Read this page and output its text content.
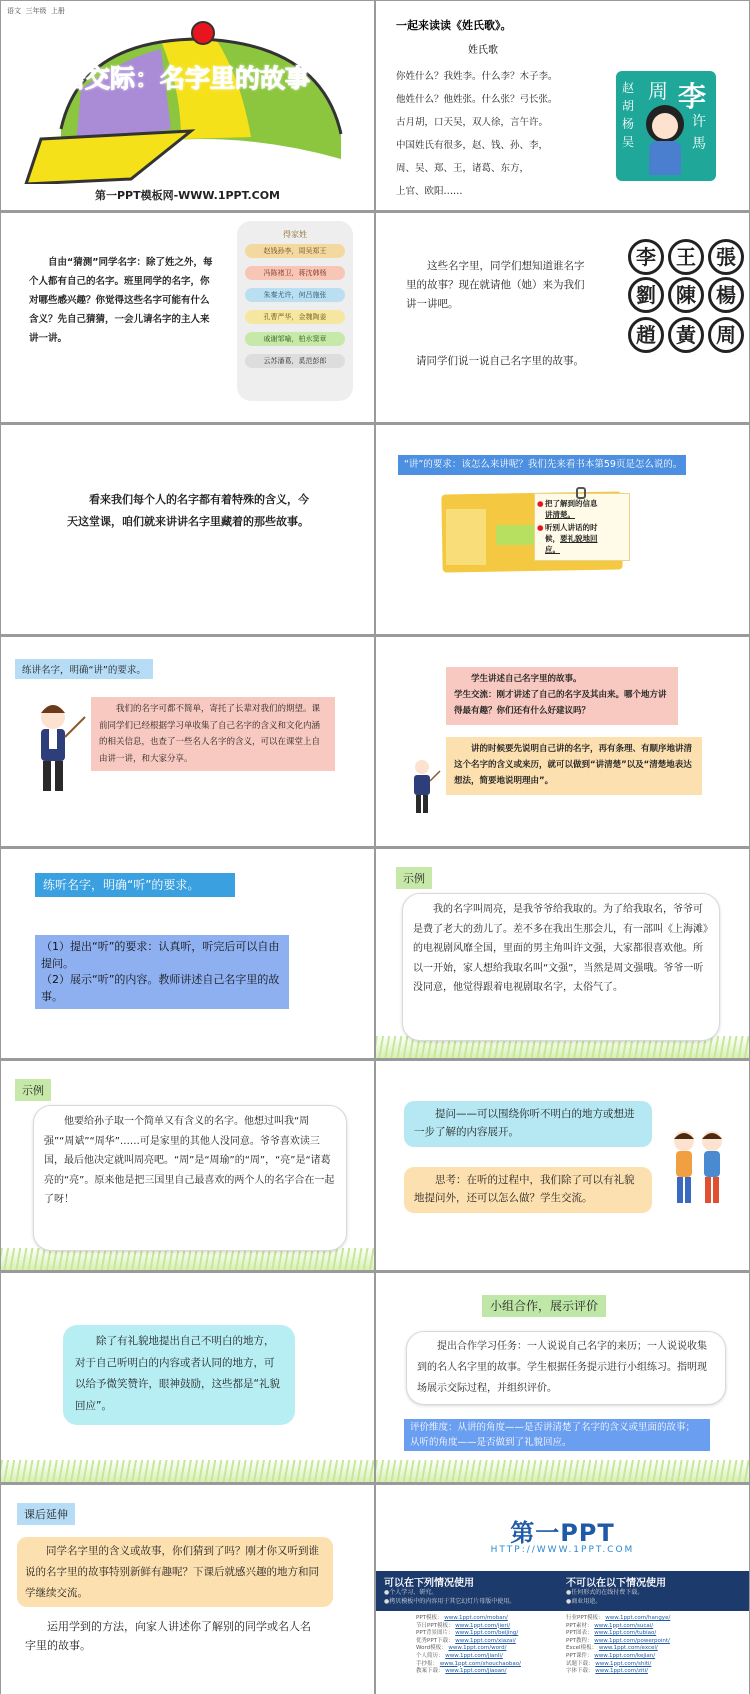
语文 三年级 上册
口语交际：名字里的故事
第一PPT模板网-WWW.1PPT.COM
一起来读读《姓氏歌》。
姓氏歌
你姓什么？我姓李。什么李？木子李。
他姓什么？他姓张。什么张？弓长张。
古月胡，口天吴，双人徐，言午许。
中国姓氏有很多，赵、钱、孙、李，
周、吴、郑、王，诸葛、东方，
上官、欧阳……
赵
胡
杨
吴
周 李
许
馬
自由“猜测”同学名字：除了姓之外，每个人都有自己的名字。班里同学的名字，你对哪些感兴趣？你觉得这些名字可能有什么含义？先自己猜猜，一会儿请名字的主人来讲一讲。
得家姓
赵钱孙李，周吴郑王
冯陈褚卫，蒋沈韩杨
朱秦尤许，何吕施张
孔曹严华，金魏陶姜
戚谢邹喻，柏水窦章
云苏潘葛，奚范彭郎
这些名字里，同学们想知道谁名字里的故事？现在就请他（她）来为我们讲一讲吧。
请同学们说一说自己名字里的故事。
李	王	張
劉	陳	楊
趙	黃	周
看来我们每个人的名字都有着特殊的含义，今天这堂课，咱们就来讲讲名字里藏着的那些故事。
“讲”的要求：该怎么来讲呢？我们先来看书本第59页是怎么说的。
● 把了解到的信息
讲清楚。
● 听别人讲话的时
候，要礼貌地回
应。
练讲名字，明确“讲”的要求。
我们的名字可都不简单，寄托了长辈对我们的期望。课前同学们已经根据学习单收集了自己名字的含义和文化内涵的相关信息，也查了一些名人名字的含义，可以在课堂上自由讲一讲，和大家分享。
学生讲述自己名字里的故事。
学生交流：刚才讲述了自己的名字及其由来。哪个地方讲得最有趣？你们还有什么好建议吗？
讲的时候要先说明自己讲的名字，再有条理、有顺序地讲清这个名字的含义或来历，就可以做到“讲清楚”以及“清楚地表达想法，简要地说明理由”。
练听名字，明确“听”的要求。
（1）提出“听”的要求：认真听，听完后可以自由提问。
（2）展示“听”的内容。教师讲述自己名字里的故事。
示例
我的名字叫周亮，是我爷爷给我取的。为了给我取名，爷爷可是费了老大的劲儿了。差不多在我出生那会儿，有一部叫《上海滩》的电视剧风靡全国，里面的男主角叫许文强，大家都很喜欢他。所以一开始，家人想给我取名叫“文强”，当然是周文强哦。爷爷一听没同意，他觉得跟着电视剧取名字，太俗气了。
示例
他要给孙子取一个简单又有含义的名字。他想过叫我“周强”“周斌”“周华”……可是家里的其他人没同意。爷爷喜欢读三国，最后他决定就叫周亮吧。“周”是“周瑜”的“周”，“亮”是“诸葛亮的“亮”。原来他是把三国里自己最喜欢的两个人的名字合在一起了呀！
提问——可以围绕你听不明白的地方或想进一步了解的内容展开。
思考：在听的过程中，我们除了可以有礼貌地提问外，还可以怎么做？学生交流。
除了有礼貌地提出自己不明白的地方，对于自己听明白的内容或者认同的地方，可以给予微笑赞许，眼神鼓励，这些都是“礼貌回应”。
小组合作，展示评价
提出合作学习任务：一人说说自己名字的来历；一人说说收集到的名人名字里的故事。学生根据任务提示进行小组练习。指明现场展示交际过程，并组织评价。
评价维度：从讲的角度——是否讲清楚了名字的含义或里面的故事；从听的角度——是否做到了礼貌回应。
课后延伸
同学名字里的含义或故事，你们猜到了吗？刚才你又听到谁说的名字里的故事特别新鲜有趣呢？下课后就感兴趣的地方和同学继续交流。
运用学到的方法，向家人讲述你了解别的同学或名人名字里的故事。
第一PPT
HTTP://WWW.1PPT.COM
可以在下列情况使用
●个人学习、研究。
●拷贝模板中的内容用于其它幻灯片母版中使用。
不可以在以下情况使用
●任何形式的在线付费下载。
●商业用途。
PPT模板： www.1ppt.com/moban/
节日PPT模板： www.1ppt.com/jieri/
PPT背景图片： www.1ppt.com/beijing/
优秀PPT下载： www.1ppt.com/xiazai/
Word模板： www.1ppt.com/word/
个人简历： www.1ppt.com/jianli/
手抄报： www.1ppt.com/shouchaobao/
教案下载： www.1ppt.com/jiaoan/
行业PPT模板： www.1ppt.com/hangye/
PPT素材： www.1ppt.com/sucai/
PPT图表： www.1ppt.com/tubiao/
PPT教程： www.1ppt.com/powerpoint/
Excel模板： www.1ppt.com/excel/
PPT课件： www.1ppt.com/kejian/
试题下载： www.1ppt.com/shiti/
字体下载： www.1ppt.com/ziti/
